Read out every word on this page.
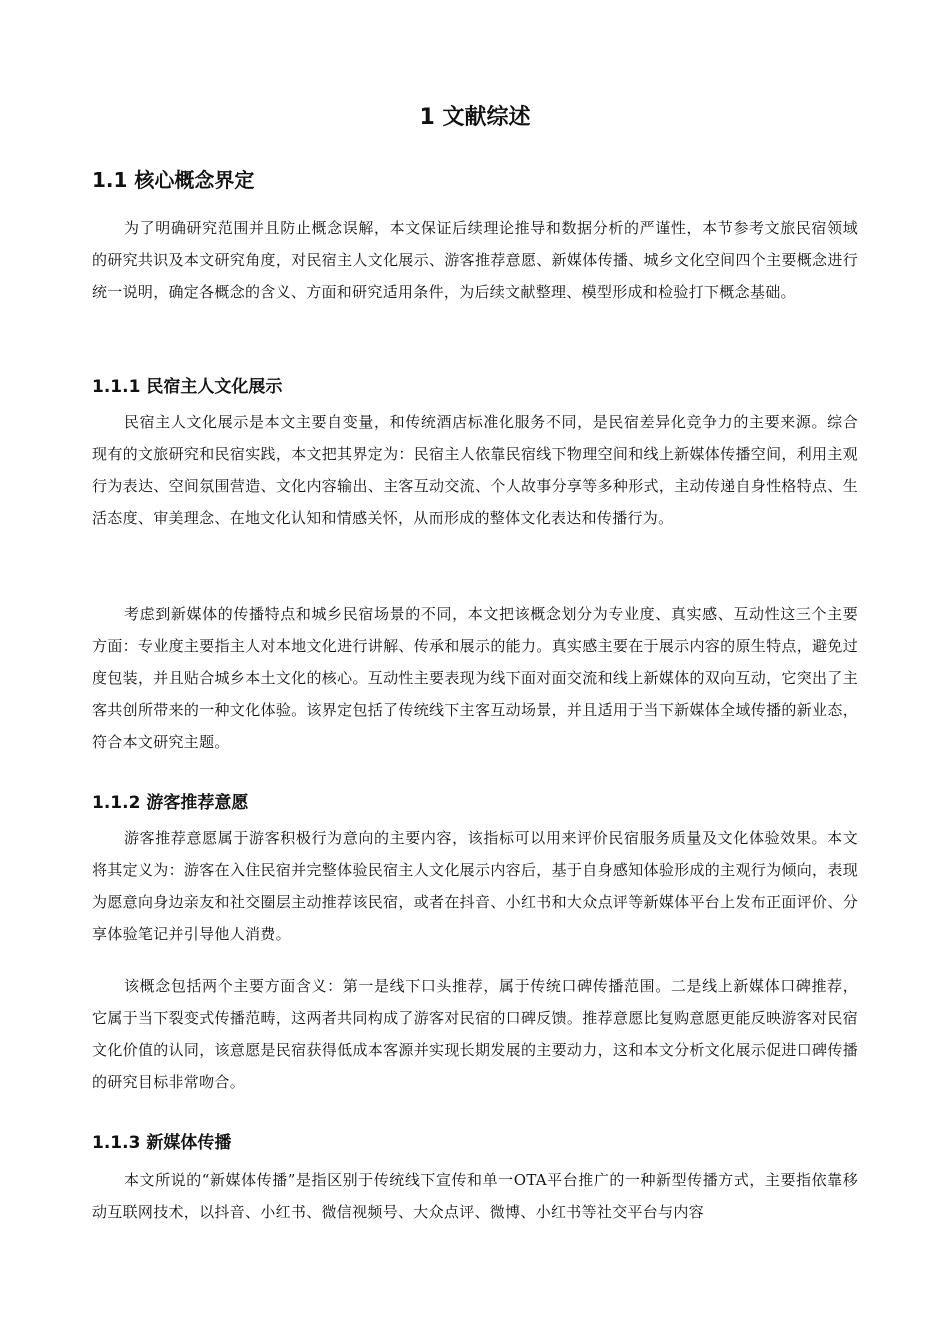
1 文献综述
1.1 核心概念界定

为了明确研究范围并且防止概念误解，本文保证后续理论推导和数据分析的严谨性，本节参考文旅民宿领域的研究共识及本文研究角度，对民宿主人文化展示、游客推荐意愿、新媒体传播、城乡文化空间四个主要概念进行统一说明，确定各概念的含义、方面和研究适用条件，为后续文献整理、模型形成和检验打下概念基础。

1.1.1 民宿主人文化展示

民宿主人文化展示是本文主要自变量，和传统酒店标准化服务不同，是民宿差异化竞争力的主要来源。综合现有的文旅研究和民宿实践，本文把其界定为：民宿主人依靠民宿线下物理空间和线上新媒体传播空间，利用主观行为表达、空间氛围营造、文化内容输出、主客互动交流、个人故事分享等多种形式，主动传递自身性格特点、生活态度、审美理念、在地文化认知和情感关怀，从而形成的整体文化表达和传播行为。

考虑到新媒体的传播特点和城乡民宿场景的不同，本文把该概念划分为专业度、真实感、互动性这三个主要方面：专业度主要指主人对本地文化进行讲解、传承和展示的能力。真实感主要在于展示内容的原生特点，避免过度包装，并且贴合城乡本土文化的核心。互动性主要表现为线下面对面交流和线上新媒体的双向互动，它突出了主客共创所带来的一种文化体验。该界定包括了传统线下主客互动场景，并且适用于当下新媒体全域传播的新业态，符合本文研究主题。

1.1.2 游客推荐意愿

游客推荐意愿属于游客积极行为意向的主要内容，该指标可以用来评价民宿服务质量及文化体验效果。本文将其定义为：游客在入住民宿并完整体验民宿主人文化展示内容后，基于自身感知体验形成的主观行为倾向，表现为愿意向身边亲友和社交圈层主动推荐该民宿，或者在抖音、小红书和大众点评等新媒体平台上发布正面评价、分享体验笔记并引导他人消费。

该概念包括两个主要方面含义：第一是线下口头推荐，属于传统口碑传播范围。二是线上新媒体口碑推荐，它属于当下裂变式传播范畴，这两者共同构成了游客对民宿的口碑反馈。推荐意愿比复购意愿更能反映游客对民宿文化价值的认同，该意愿是民宿获得低成本客源并实现长期发展的主要动力，这和本文分析文化展示促进口碑传播的研究目标非常吻合。

1.1.3 新媒体传播

本文所说的“新媒体传播”是指区别于传统线下宣传和单一OTA平台推广的一种新型传播方式，主要指依靠移动互联网技术，以抖音、小红书、微信视频号、大众点评、微博、小红书等社交平台与内容
